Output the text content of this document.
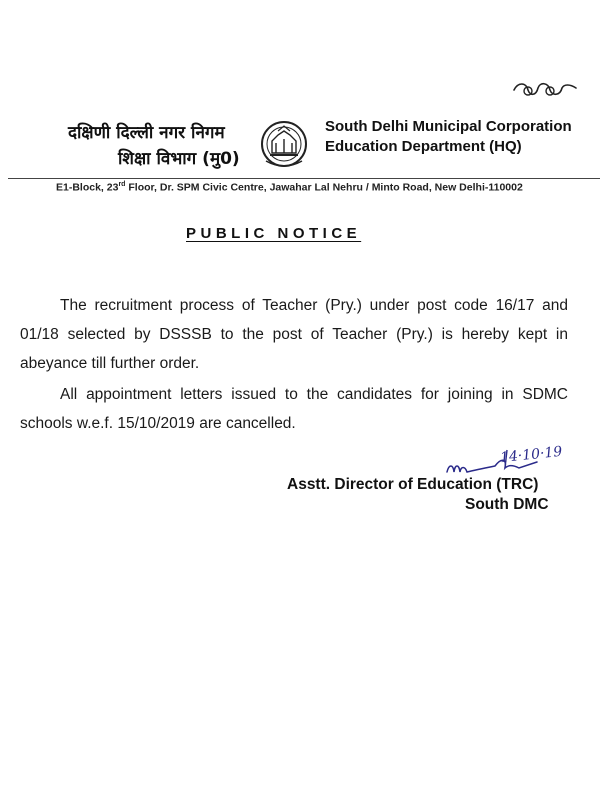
दक्षिणी दिल्ली नगर निगम
शिक्षा विभाग (मु0)
South Delhi Municipal Corporation
Education Department (HQ)
E1-Block, 23rd Floor, Dr. SPM Civic Centre, Jawahar Lal Nehru / Minto Road, New Delhi-110002
PUBLIC NOTICE
The recruitment process of Teacher (Pry.) under post code 16/17 and 01/18 selected by DSSSB to the post of Teacher (Pry.) is hereby kept in abeyance till further order.
All appointment letters issued to the candidates for joining in SDMC schools w.e.f. 15/10/2019 are cancelled.
14·10·19
Asstt. Director of Education (TRC)
South DMC
